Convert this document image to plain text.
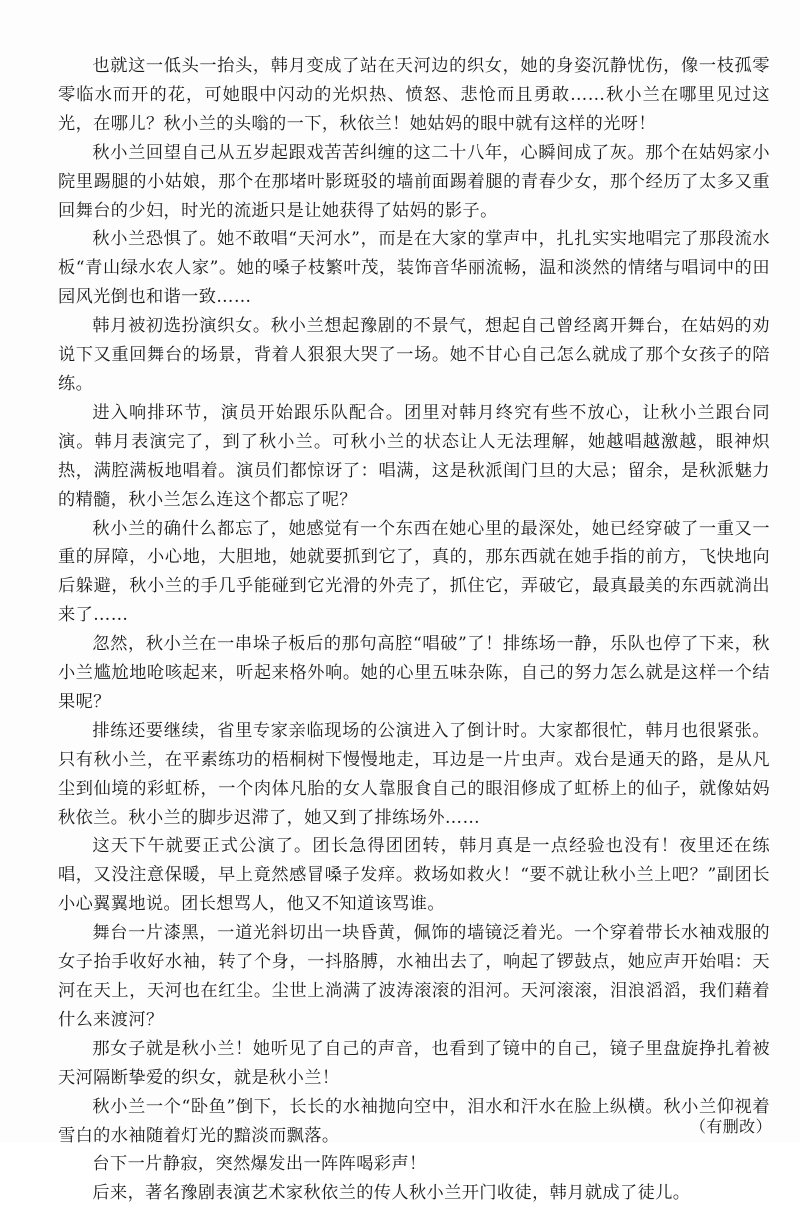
也就这一低头一抬头，韩月变成了站在天河边的织女，她的身姿沉静忧伤，像一枝孤零零临水而开的花，可她眼中闪动的光炽热、愤怒、悲怆而且勇敢……秋小兰在哪里见过这光，在哪儿？秋小兰的头嗡的一下，秋依兰！她姑妈的眼中就有这样的光呀！

秋小兰回望自己从五岁起跟戏苦苦纠缠的这二十八年，心瞬间成了灰。那个在姑妈家小院里踢腿的小姑娘，那个在那堵叶影斑驳的墙前面踢着腿的青春少女，那个经历了太多又重回舞台的少妇，时光的流逝只是让她获得了姑妈的影子。

秋小兰恐惧了。她不敢唱“天河水”，而是在大家的掌声中，扎扎实实地唱完了那段流水板“青山绿水农人家”。她的嗓子枝繁叶茂，装饰音华丽流畅，温和淡然的情绪与唱词中的田园风光倒也和谐一致……

韩月被初选扮演织女。秋小兰想起豫剧的不景气，想起自己曾经离开舞台，在姑妈的劝说下又重回舞台的场景，背着人狠狠大哭了一场。她不甘心自己怎么就成了那个女孩子的陪练。

进入响排环节，演员开始跟乐队配合。团里对韩月终究有些不放心，让秋小兰跟台同演。韩月表演完了，到了秋小兰。可秋小兰的状态让人无法理解，她越唱越激越，眼神炽热，满腔满板地唱着。演员们都惊讶了：唱满，这是秋派闺门旦的大忌；留余，是秋派魅力的精髓，秋小兰怎么连这个都忘了呢？

秋小兰的确什么都忘了，她感觉有一个东西在她心里的最深处，她已经穿破了一重又一重的屏障，小心地，大胆地，她就要抓到它了，真的，那东西就在她手指的前方，飞快地向后躲避，秋小兰的手几乎能碰到它光滑的外壳了，抓住它，弄破它，最真最美的东西就淌出来了……

忽然，秋小兰在一串垛子板后的那句高腔“唱破”了！排练场一静，乐队也停了下来，秋小兰尴尬地呛咳起来，听起来格外响。她的心里五味杂陈，自己的努力怎么就是这样一个结果呢？

排练还要继续，省里专家亲临现场的公演进入了倒计时。大家都很忙，韩月也很紧张。只有秋小兰，在平素练功的梧桐树下慢慢地走，耳边是一片虫声。戏台是通天的路，是从凡尘到仙境的彩虹桥，一个肉体凡胎的女人靠服食自己的眼泪修成了虹桥上的仙子，就像姑妈秋依兰。秋小兰的脚步迟滞了，她又到了排练场外……

这天下午就要正式公演了。团长急得团团转，韩月真是一点经验也没有！夜里还在练唱，又没注意保暖，早上竟然感冒嗓子发痒。救场如救火！“要不就让秋小兰上吧？”副团长小心翼翼地说。团长想骂人，他又不知道该骂谁。

舞台一片漆黑，一道光斜切出一块昏黄，佩饰的墙镜泛着光。一个穿着带长水袖戏服的女子抬手收好水袖，转了个身，一抖胳膊，水袖出去了，响起了锣鼓点，她应声开始唱：天河在天上，天河也在红尘。尘世上淌满了波涛滚滚的泪河。天河滚滚，泪浪滔滔，我们藉着什么来渡河？

那女子就是秋小兰！她听见了自己的声音，也看到了镜中的自己，镜子里盘旋挣扎着被天河隔断挚爱的织女，就是秋小兰！

秋小兰一个“卧鱼”倒下，长长的水袖抛向空中，泪水和汗水在脸上纵横。秋小兰仰视着雪白的水袖随着灯光的黯淡而飘落。

台下一片静寂，突然爆发出一阵阵喝彩声！

后来，著名豫剧表演艺术家秋依兰的传人秋小兰开门收徒，韩月就成了徒儿。

（有删改）
